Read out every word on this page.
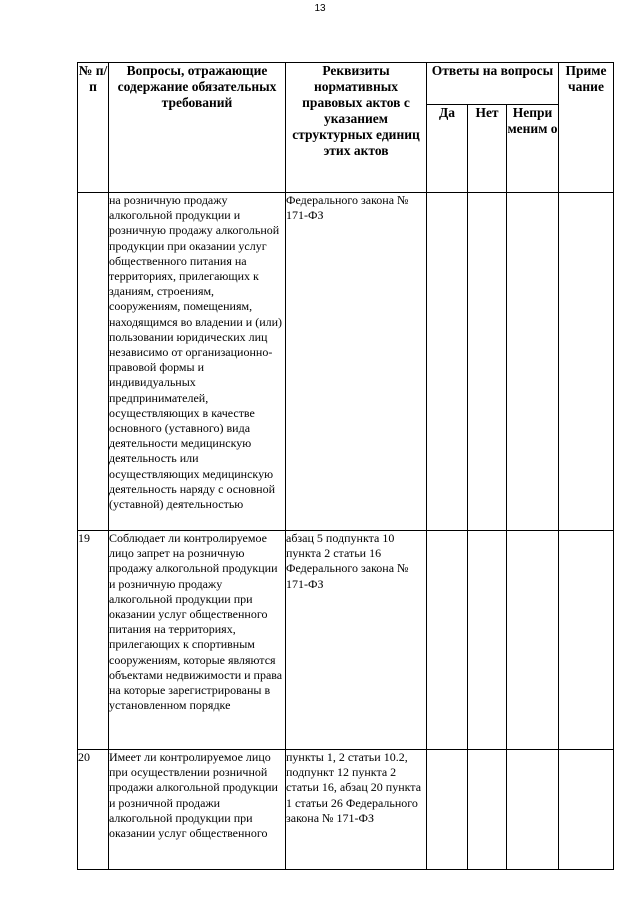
13
№ п/п	Вопросы, отражающие содержание обязательных требований	Реквизиты нормативных правовых актов с указанием структурных единиц этих актов	Ответы на вопросы			Приме чание
			Да	Нет	Непри меним о	
	на розничную продажу алкогольной продукции и розничную продажу алкогольной продукции при оказании услуг общественного питания на территориях, прилегающих к зданиям, строениям, сооружениям, помещениям, находящимся во владении и (или) пользовании юридических лиц независимо от организационно-правовой формы и индивидуальных предпринимателей, осуществляющих в качестве основного (уставного) вида деятельности медицинскую деятельность или осуществляющих медицинскую деятельность наряду с основной (уставной) деятельностью	Федерального закона № 171-ФЗ				
19	Соблюдает ли контролируемое лицо запрет на розничную продажу алкогольной продукции и розничную продажу алкогольной продукции при оказании услуг общественного питания на территориях, прилегающих к спортивным сооружениям, которые являются объектами недвижимости и права на которые зарегистрированы в установленном порядке	абзац 5 подпункта 10 пункта 2 статьи 16 Федерального закона № 171-ФЗ				
20	Имеет ли контролируемое лицо при осуществлении розничной продажи алкогольной продукции и розничной продажи алкогольной продукции при оказании услуг общественного	пункты 1, 2 статьи 10.2, подпункт 12 пункта 2 статьи 16, абзац 20 пункта 1 статьи 26 Федерального закона № 171-ФЗ				
